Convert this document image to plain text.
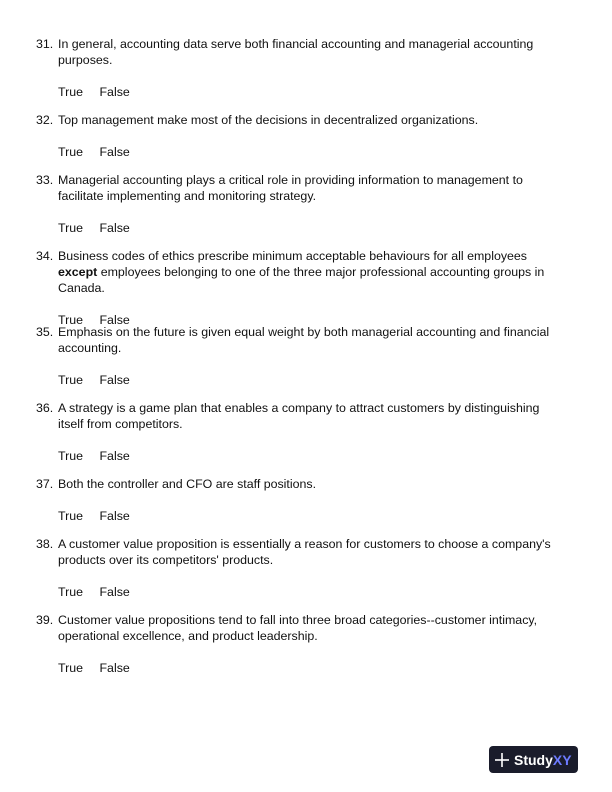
31. In general, accounting data serve both financial accounting and managerial accounting purposes.
True False
32. Top management make most of the decisions in decentralized organizations.
True False
33. Managerial accounting plays a critical role in providing information to management to facilitate implementing and monitoring strategy.
True False
34. Business codes of ethics prescribe minimum acceptable behaviours for all employees except employees belonging to one of the three major professional accounting groups in Canada.
True False
35. Emphasis on the future is given equal weight by both managerial accounting and financial accounting.
True False
36. A strategy is a game plan that enables a company to attract customers by distinguishing itself from competitors.
True False
37. Both the controller and CFO are staff positions.
True False
38. A customer value proposition is essentially a reason for customers to choose a company's products over its competitors' products.
True False
39. Customer value propositions tend to fall into three broad categories--customer intimacy, operational excellence, and product leadership.
True False
Study XY
